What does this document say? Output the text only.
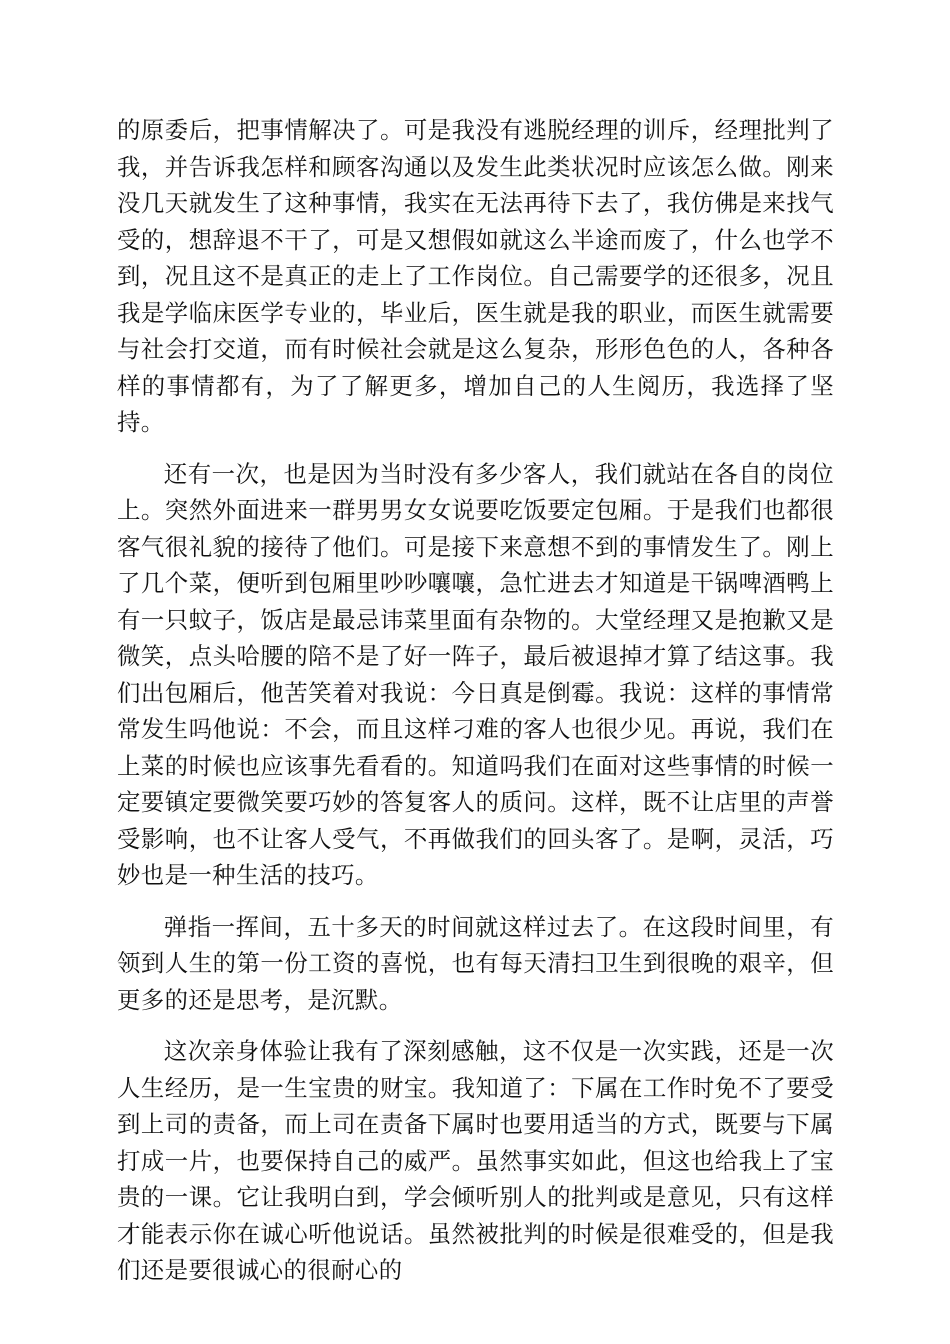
的原委后，把事情解决了。可是我没有逃脱经理的训斥，经理批判了我，并告诉我怎样和顾客沟通以及发生此类状况时应该怎么做。刚来没几天就发生了这种事情，我实在无法再待下去了，我仿佛是来找气受的，想辞退不干了，可是又想假如就这么半途而废了，什么也学不到，况且这不是真正的走上了工作岗位。自己需要学的还很多，况且我是学临床医学专业的，毕业后，医生就是我的职业，而医生就需要与社会打交道，而有时候社会就是这么复杂，形形色色的人，各种各样的事情都有，为了了解更多，增加自己的人生阅历，我选择了坚持。

还有一次，也是因为当时没有多少客人，我们就站在各自的岗位上。突然外面进来一群男男女女说要吃饭要定包厢。于是我们也都很客气很礼貌的接待了他们。可是接下来意想不到的事情发生了。刚上了几个菜，便听到包厢里吵吵嚷嚷，急忙进去才知道是干锅啤酒鸭上有一只蚊子，饭店是最忌讳菜里面有杂物的。大堂经理又是抱歉又是微笑，点头哈腰的陪不是了好一阵子，最后被退掉才算了结这事。我们出包厢后，他苦笑着对我说：今日真是倒霉。我说：这样的事情常常发生吗他说：不会，而且这样刁难的客人也很少见。再说，我们在上菜的时候也应该事先看看的。知道吗我们在面对这些事情的时候一定要镇定要微笑要巧妙的答复客人的质问。这样，既不让店里的声誉受影响，也不让客人受气，不再做我们的回头客了。是啊，灵活，巧妙也是一种生活的技巧。

弹指一挥间，五十多天的时间就这样过去了。在这段时间里，有领到人生的第一份工资的喜悦，也有每天清扫卫生到很晚的艰辛，但更多的还是思考，是沉默。

这次亲身体验让我有了深刻感触，这不仅是一次实践，还是一次人生经历，是一生宝贵的财宝。我知道了：下属在工作时免不了要受到上司的责备，而上司在责备下属时也要用适当的方式，既要与下属打成一片，也要保持自己的威严。虽然事实如此，但这也给我上了宝贵的一课。它让我明白到，学会倾听别人的批判或是意见，只有这样才能表示你在诚心听他说话。虽然被批判的时候是很难受的，但是我们还是要很诚心的很耐心的
